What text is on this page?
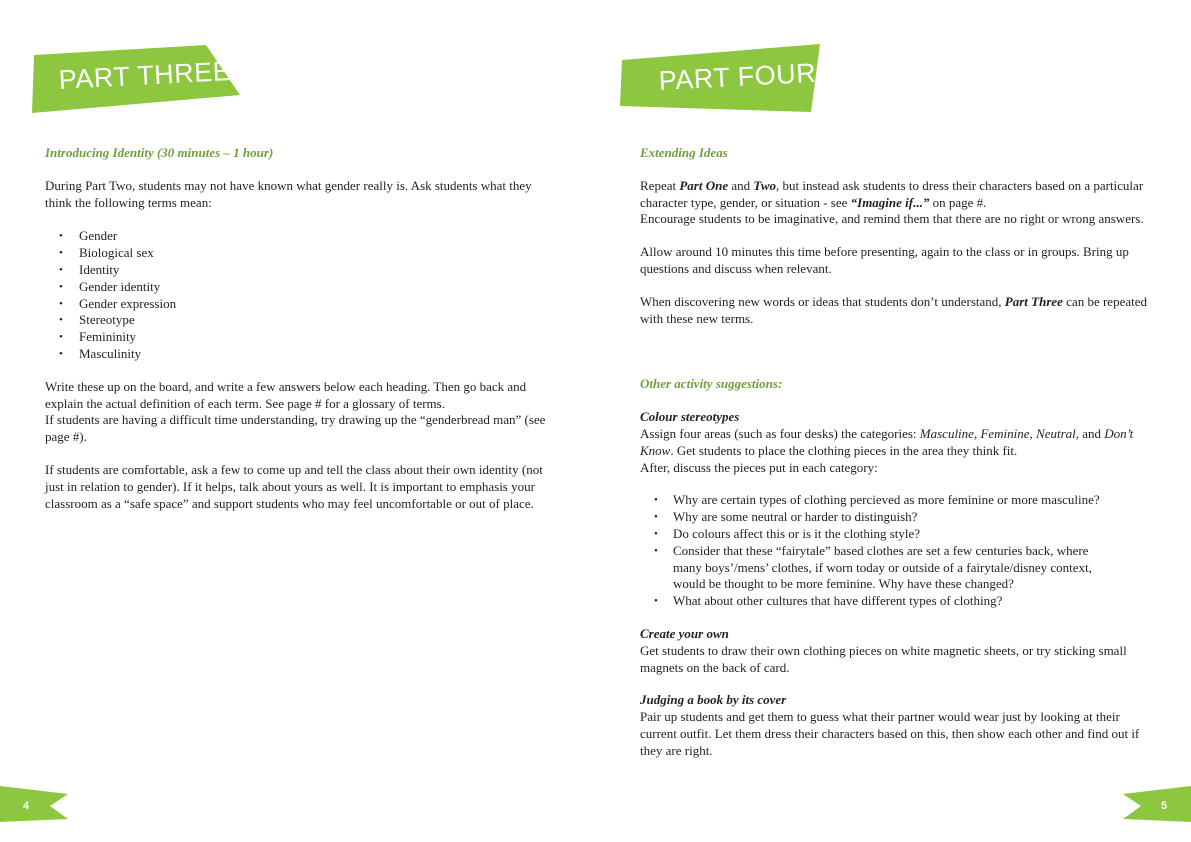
PART THREE

Introducing Identity (30 minutes – 1 hour)

During Part Two, students may not have known what gender really is. Ask students what they think the following terms mean:

• Gender
• Biological sex
• Identity
• Gender identity
• Gender expression
• Stereotype
• Femininity
• Masculinity

Write these up on the board, and write a few answers below each heading. Then go back and explain the actual definition of each term. See page # for a glossary of terms.

If students are having a difficult time understanding, try drawing up the “genderbread man” (see page #).

If students are comfortable, ask a few to come up and tell the class about their own identity (not just in relation to gender). If it helps, talk about yours as well. It is important to emphasis your classroom as a “safe space” and support students who may feel uncomfortable or out of place.

4
PART FOUR

Extending Ideas

Repeat Part One and Two, but instead ask students to dress their characters based on a particular character type, gender, or situation - see “Imagine if...” on page #.

Encourage students to be imaginative, and remind them that there are no right or wrong answers.

Allow around 10 minutes this time before presenting, again to the class or in groups. Bring up questions and discuss when relevant.

When discovering new words or ideas that students don’t understand, Part Three can be repeated with these new terms.

Other activity suggestions:

Colour stereotypes

Assign four areas (such as four desks) the categories: Masculine, Feminine, Neutral, and Don’t Know. Get students to place the clothing pieces in the area they think fit.

After, discuss the pieces put in each category:

• Why are certain types of clothing percieved as more feminine or more masculine?
• Why are some neutral or harder to distinguish?
• Do colours affect this or is it the clothing style?
• Consider that these “fairytale” based clothes are set a few centuries back, where many boys’/mens’ clothes, if worn today or outside of a fairytale/disney context, would be thought to be more feminine. Why have these changed?
• What about other cultures that have different types of clothing?

Create your own

Get students to draw their own clothing pieces on white magnetic sheets, or try sticking small magnets on the back of card.

Judging a book by its cover

Pair up students and get them to guess what their partner would wear just by looking at their current outfit. Let them dress their characters based on this, then show each other and find out if they are right.

5
